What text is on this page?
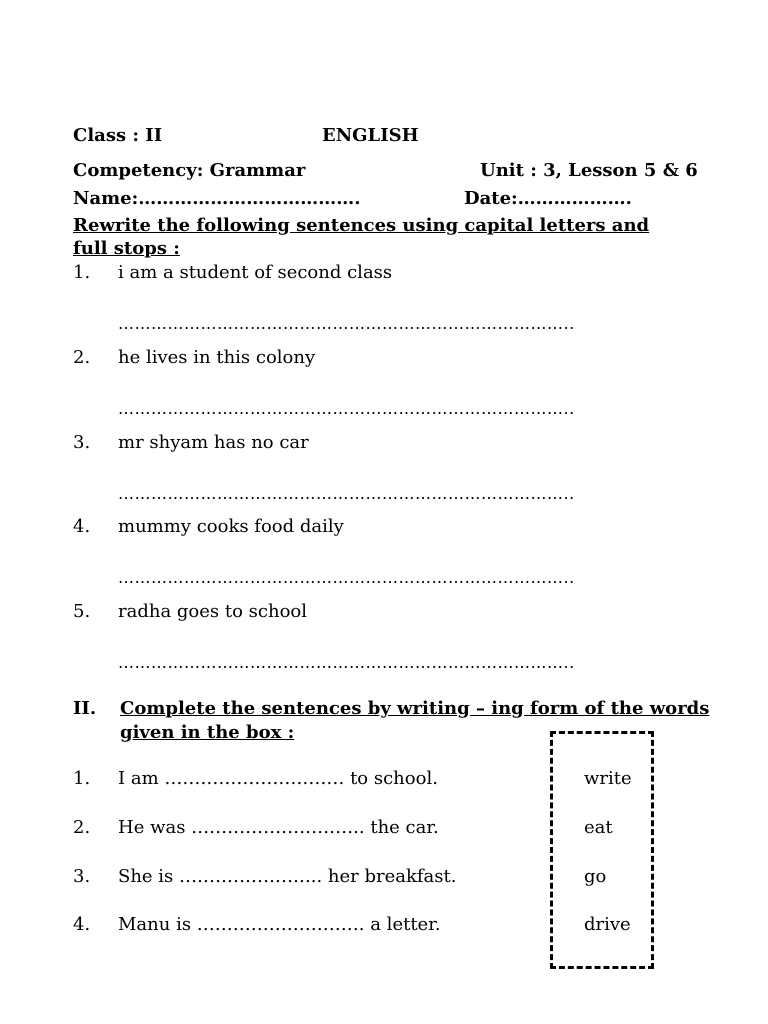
Class : II	ENGLISH
Competency: Grammar	Unit : 3, Lesson 5 & 6
Name:……………………………….	Date:……………….
Rewrite the following sentences using capital letters and
full stops :
1. i am a student of second class
………………………………………………………………………..
2. he lives in this colony
………………………………………………………………………..
3. mr shyam has no car
………………………………………………………………………..
4. mummy cooks food daily
………………………………………………………………………..
5. radha goes to school
………………………………………………………………………..
II. Complete the sentences by writing – ing form of the words
given in the box :
1. I am ………………………… to school.
2. He was ……………………….. the car.
3. She is …………………... her breakfast.
4. Manu is ………………………. a letter.
write
eat
go
drive
